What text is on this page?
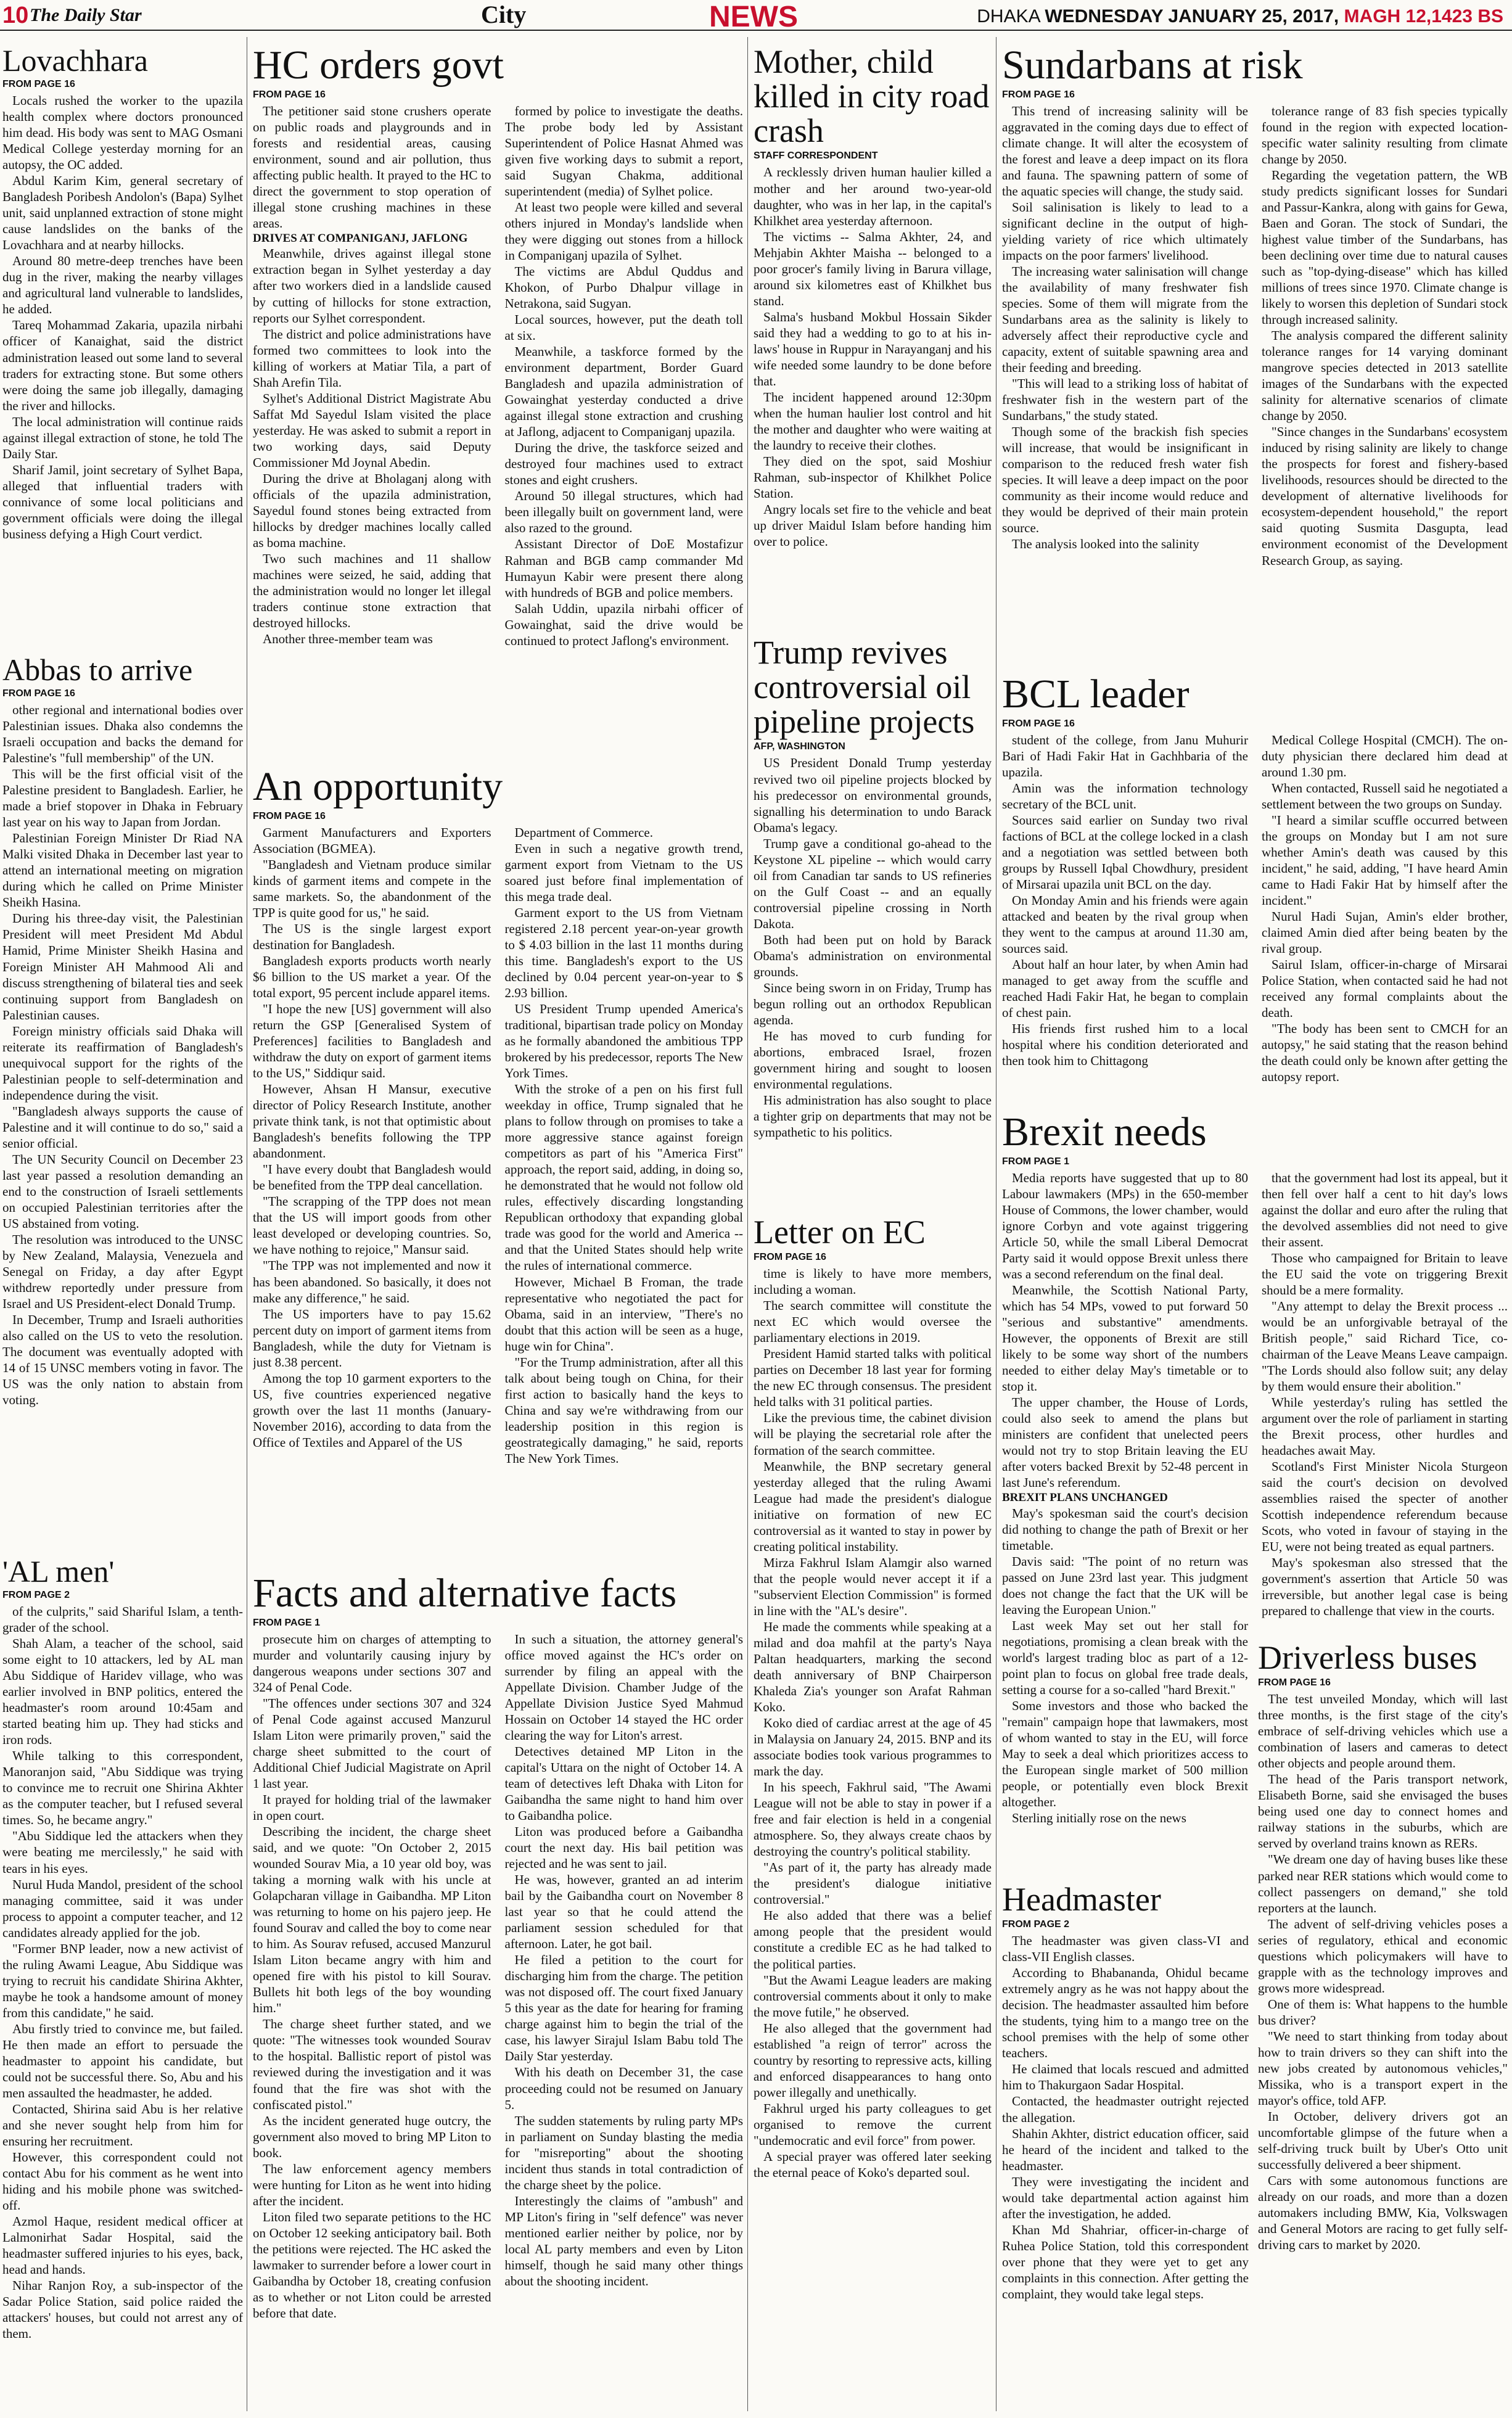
10 The Daily Star	City	NEWS	DHAKA WEDNESDAY JANUARY 25, 2017, MAGH 12,1423 BS
Lovachhara
FROM PAGE 16

Locals rushed the worker to the upazila health complex where doctors pronounced him dead. His body was sent to MAG Osmani Medical College yesterday morning for an autopsy, the OC added.

Abdul Karim Kim, general secretary of Bangladesh Poribesh Andolon's (Bapa) Sylhet unit, said unplanned extraction of stone might cause landslides on the banks of the Lovachhara and at nearby hillocks.

Around 80 metre-deep trenches have been dug in the river, making the nearby villages and agricultural land vulnerable to landslides, he added.

Tareq Mohammad Zakaria, upazila nirbahi officer of Kanaighat, said the district administration leased out some land to several traders for extracting stone. But some others were doing the same job illegally, damaging the river and hillocks.

The local administration will continue raids against illegal extraction of stone, he told The Daily Star.

Sharif Jamil, joint secretary of Sylhet Bapa, alleged that influential traders with connivance of some local politicians and government officials were doing the illegal business defying a High Court verdict.

Abbas to arrive
FROM PAGE 16

other regional and international bodies over Palestinian issues. Dhaka also condemns the Israeli occupation and backs the demand for Palestine's "full membership" of the UN.

This will be the first official visit of the Palestine president to Bangladesh. Earlier, he made a brief stopover in Dhaka in February last year on his way to Japan from Jordan.

Palestinian Foreign Minister Dr Riad NA Malki visited Dhaka in December last year to attend an international meeting on migration during which he called on Prime Minister Sheikh Hasina.

During his three-day visit, the Palestinian President will meet President Md Abdul Hamid, Prime Minister Sheikh Hasina and Foreign Minister AH Mahmood Ali and discuss strengthening of bilateral ties and seek continuing support from Bangladesh on Palestinian causes.

Foreign ministry officials said Dhaka will reiterate its reaffirmation of Bangladesh's unequivocal support for the rights of the Palestinian people to self-determination and independence during the visit.

"Bangladesh always supports the cause of Palestine and it will continue to do so," said a senior official.

The UN Security Council on December 23 last year passed a resolution demanding an end to the construction of Israeli settlements on occupied Palestinian territories after the US abstained from voting.

The resolution was introduced to the UNSC by New Zealand, Malaysia, Venezuela and Senegal on Friday, a day after Egypt withdrew reportedly under pressure from Israel and US President-elect Donald Trump.

In December, Trump and Israeli authorities also called on the US to veto the resolution. The document was eventually adopted with 14 of 15 UNSC members voting in favor. The US was the only nation to abstain from voting.

'AL men'
FROM PAGE 2

of the culprits," said Shariful Islam, a tenth-grader of the school.

Shah Alam, a teacher of the school, said some eight to 10 attackers, led by AL man Abu Siddique of Haridev village, who was earlier involved in BNP politics, entered the headmaster's room around 10:45am and started beating him up. They had sticks and iron rods.

While talking to this correspondent, Manoranjon said, "Abu Siddique was trying to convince me to recruit one Shirina Akhter as the computer teacher, but I refused several times. So, he became angry."

"Abu Siddique led the attackers when they were beating me mercilessly," he said with tears in his eyes.

Nurul Huda Mandol, president of the school managing committee, said it was under process to appoint a computer teacher, and 12 candidates already applied for the job.

"Former BNP leader, now a new activist of the ruling Awami League, Abu Siddique was trying to recruit his candidate Shirina Akhter, maybe he took a handsome amount of money from this candidate," he said.

Abu firstly tried to convince me, but failed. He then made an effort to persuade the headmaster to appoint his candidate, but could not be successful there. So, Abu and his men assaulted the headmaster, he added.

Contacted, Shirina said Abu is her relative and she never sought help from him for ensuring her recruitment.

However, this correspondent could not contact Abu for his comment as he went into hiding and his mobile phone was switched-off.

Azmol Haque, resident medical officer at Lalmonirhat Sadar Hospital, said the headmaster suffered injuries to his eyes, back, head and hands.

Nihar Ranjon Roy, a sub-inspector of the Sadar Police Station, said police raided the attackers' houses, but could not arrest any of them.

HC orders govt
FROM PAGE 16

The petitioner said stone crushers operate on public roads and playgrounds and in forests and residential areas, causing environment, sound and air pollution, thus affecting public health. It prayed to the HC to direct the government to stop operation of illegal stone crushing machines in these areas.

DRIVES AT COMPANIGANJ, JAFLONG

Meanwhile, drives against illegal stone extraction began in Sylhet yesterday a day after two workers died in a landslide caused by cutting of hillocks for stone extraction, reports our Sylhet correspondent.

The district and police administrations have formed two committees to look into the killing of workers at Matiar Tila, a part of Shah Arefin Tila.

Sylhet's Additional District Magistrate Abu Saffat Md Sayedul Islam visited the place yesterday. He was asked to submit a report in two working days, said Deputy Commissioner Md Joynal Abedin.

During the drive at Bholaganj along with officials of the upazila administration, Sayedul found stones being extracted from hillocks by dredger machines locally called as boma machine.

Two such machines and 11 shallow machines were seized, he said, adding that the administration would no longer let illegal traders continue stone extraction that destroyed hillocks.

Another three-member team was

formed by police to investigate the deaths. The probe body led by Assistant Superintendent of Police Hasnat Ahmed was given five working days to submit a report, said Sugyan Chakma, additional superintendent (media) of Sylhet police.

At least two people were killed and several others injured in Monday's landslide when they were digging out stones from a hillock in Companiganj upazila of Sylhet.

The victims are Abdul Quddus and Khokon, of Purbo Dhalpur village in Netrakona, said Sugyan.

Local sources, however, put the death toll at six.

Meanwhile, a taskforce formed by the environment department, Border Guard Bangladesh and upazila administration of Gowainghat yesterday conducted a drive against illegal stone extraction and crushing at Jaflong, adjacent to Companiganj upazila.

During the drive, the taskforce seized and destroyed four machines used to extract stones and eight crushers.

Around 50 illegal structures, which had been illegally built on government land, were also razed to the ground.

Assistant Director of DoE Mostafizur Rahman and BGB camp commander Md Humayun Kabir were present there along with hundreds of BGB and police members.

Salah Uddin, upazila nirbahi officer of Gowainghat, said the drive would be continued to protect Jaflong's environment.

An opportunity
FROM PAGE 16

Garment Manufacturers and Exporters Association (BGMEA).

"Bangladesh and Vietnam produce similar kinds of garment items and compete in the same markets. So, the abandonment of the TPP is quite good for us," he said.

The US is the single largest export destination for Bangladesh.

Bangladesh exports products worth nearly $6 billion to the US market a year. Of the total export, 95 percent include apparel items.

"I hope the new [US] government will also return the GSP [Generalised System of Preferences] facilities to Bangladesh and withdraw the duty on export of garment items to the US," Siddiqur said.

However, Ahsan H Mansur, executive director of Policy Research Institute, another private think tank, is not that optimistic about Bangladesh's benefits following the TPP abandonment.

"I have every doubt that Bangladesh would be benefited from the TPP deal cancellation.

"The scrapping of the TPP does not mean that the US will import goods from other least developed or developing countries. So, we have nothing to rejoice," Mansur said.

"The TPP was not implemented and now it has been abandoned. So basically, it does not make any difference," he said.

The US importers have to pay 15.62 percent duty on import of garment items from Bangladesh, while the duty for Vietnam is just 8.38 percent.

Among the top 10 garment exporters to the US, five countries experienced negative growth over the last 11 months (January-November 2016), according to data from the Office of Textiles and Apparel of the US

Department of Commerce.

Even in such a negative growth trend, garment export from Vietnam to the US soared just before final implementation of this mega trade deal.

Garment export to the US from Vietnam registered 2.18 percent year-on-year growth to $ 4.03 billion in the last 11 months during this time. Bangladesh's export to the US declined by 0.04 percent year-on-year to $ 2.93 billion.

US President Trump upended America's traditional, bipartisan trade policy on Monday as he formally abandoned the ambitious TPP brokered by his predecessor, reports The New York Times.

With the stroke of a pen on his first full weekday in office, Trump signaled that he plans to follow through on promises to take a more aggressive stance against foreign competitors as part of his "America First" approach, the report said, adding, in doing so, he demonstrated that he would not follow old rules, effectively discarding longstanding Republican orthodoxy that expanding global trade was good for the world and America -- and that the United States should help write the rules of international commerce.

However, Michael B Froman, the trade representative who negotiated the pact for Obama, said in an interview, "There's no doubt that this action will be seen as a huge, huge win for China".

"For the Trump administration, after all this talk about being tough on China, for their first action to basically hand the keys to China and say we're withdrawing from our leadership position in this region is geostrategically damaging," he said, reports The New York Times.

Facts and alternative facts
FROM PAGE 1

prosecute him on charges of attempting to murder and voluntarily causing injury by dangerous weapons under sections 307 and 324 of Penal Code.

"The offences under sections 307 and 324 of Penal Code against accused Manzurul Islam Liton were primarily proven," said the charge sheet submitted to the court of Additional Chief Judicial Magistrate on April 1 last year.

It prayed for holding trial of the lawmaker in open court.

Describing the incident, the charge sheet said, and we quote: "On October 2, 2015 wounded Sourav Mia, a 10 year old boy, was taking a morning walk with his uncle at Golapcharan village in Gaibandha. MP Liton was returning to home on his pajero jeep. He found Sourav and called the boy to come near to him. As Sourav refused, accused Manzurul Islam Liton became angry with him and opened fire with his pistol to kill Sourav. Bullets hit both legs of the boy wounding him."

The charge sheet further stated, and we quote: "The witnesses took wounded Sourav to the hospital. Ballistic report of pistol was reviewed during the investigation and it was found that the fire was shot with the confiscated pistol."

As the incident generated huge outcry, the government also moved to bring MP Liton to book.

The law enforcement agency members were hunting for Liton as he went into hiding after the incident.

Liton filed two separate petitions to the HC on October 12 seeking anticipatory bail. Both the petitions were rejected. The HC asked the lawmaker to surrender before a lower court in Gaibandha by October 18, creating confusion as to whether or not Liton could be arrested before that date.

In such a situation, the attorney general's office moved against the HC's order on surrender by filing an appeal with the Appellate Division. Chamber Judge of the Appellate Division Justice Syed Mahmud Hossain on October 14 stayed the HC order clearing the way for Liton's arrest.

Detectives detained MP Liton in the capital's Uttara on the night of October 14. A team of detectives left Dhaka with Liton for Gaibandha the same night to hand him over to Gaibandha police.

Liton was produced before a Gaibandha court the next day. His bail petition was rejected and he was sent to jail.

He was, however, granted an ad interim bail by the Gaibandha court on November 8 last year so that he could attend the parliament session scheduled for that afternoon. Later, he got bail.

He filed a petition to the court for discharging him from the charge. The petition was not disposed off. The court fixed January 5 this year as the date for hearing for framing charge against him to begin the trial of the case, his lawyer Sirajul Islam Babu told The Daily Star yesterday.

With his death on December 31, the case proceeding could not be resumed on January 5.

The sudden statements by ruling party MPs in parliament on Sunday blasting the media for "misreporting" about the shooting incident thus stands in total contradiction of the charge sheet by the police.

Interestingly the claims of "ambush" and MP Liton's firing in "self defence" was never mentioned earlier neither by police, nor by local AL party members and even by Liton himself, though he said many other things about the shooting incident.

Mother, child killed in city road crash
STAFF CORRESPONDENT

A recklessly driven human haulier killed a mother and her around two-year-old daughter, who was in her lap, in the capital's Khilkhet area yesterday afternoon.

The victims -- Salma Akhter, 24, and Mehjabin Akhter Maisha -- belonged to a poor grocer's family living in Barura village, around six kilometres east of Khilkhet bus stand.

Salma's husband Mokbul Hossain Sikder said they had a wedding to go to at his in-laws' house in Ruppur in Narayanganj and his wife needed some laundry to be done before that.

The incident happened around 12:30pm when the human haulier lost control and hit the mother and daughter who were waiting at the laundry to receive their clothes.

They died on the spot, said Moshiur Rahman, sub-inspector of Khilkhet Police Station.

Angry locals set fire to the vehicle and beat up driver Maidul Islam before handing him over to police.

Trump revives controversial oil pipeline projects
AFP, WASHINGTON

US President Donald Trump yesterday revived two oil pipeline projects blocked by his predecessor on environmental grounds, signalling his determination to undo Barack Obama's legacy.

Trump gave a conditional go-ahead to the Keystone XL pipeline -- which would carry oil from Canadian tar sands to US refineries on the Gulf Coast -- and an equally controversial pipeline crossing in North Dakota.

Both had been put on hold by Barack Obama's administration on environmental grounds.

Since being sworn in on Friday, Trump has begun rolling out an orthodox Republican agenda.

He has moved to curb funding for abortions, embraced Israel, frozen government hiring and sought to loosen environmental regulations.

His administration has also sought to place a tighter grip on departments that may not be sympathetic to his politics.

Letter on EC
FROM PAGE 16

time is likely to have more members, including a woman.

The search committee will constitute the next EC which would oversee the parliamentary elections in 2019.

President Hamid started talks with political parties on December 18 last year for forming the new EC through consensus. The president held talks with 31 political parties.

Like the previous time, the cabinet division will be playing the secretarial role after the formation of the search committee.

Meanwhile, the BNP secretary general yesterday alleged that the ruling Awami League had made the president's dialogue initiative on formation of new EC controversial as it wanted to stay in power by creating political instability.

Mirza Fakhrul Islam Alamgir also warned that the people would never accept it if a "subservient Election Commission" is formed in line with the "AL's desire".

He made the comments while speaking at a milad and doa mahfil at the party's Naya Paltan headquarters, marking the second death anniversary of BNP Chairperson Khaleda Zia's younger son Arafat Rahman Koko.

Koko died of cardiac arrest at the age of 45 in Malaysia on January 24, 2015. BNP and its associate bodies took various programmes to mark the day.

In his speech, Fakhrul said, "The Awami League will not be able to stay in power if a free and fair election is held in a congenial atmosphere. So, they always create chaos by destroying the country's political stability.

"As part of it, the party has already made the president's dialogue initiative controversial."

He also added that there was a belief among people that the president would constitute a credible EC as he had talked to the political parties.

"But the Awami League leaders are making controversial comments about it only to make the move futile," he observed.

He also alleged that the government had established "a reign of terror" across the country by resorting to repressive acts, killing and enforced disappearances to hang onto power illegally and unethically.

Fakhrul urged his party colleagues to get organised to remove the current "undemocratic and evil force" from power.

A special prayer was offered later seeking the eternal peace of Koko's departed soul.

Sundarbans at risk
FROM PAGE 16

This trend of increasing salinity will be aggravated in the coming days due to effect of climate change. It will alter the ecosystem of the forest and leave a deep impact on its flora and fauna. The spawning pattern of some of the aquatic species will change, the study said.

Soil salinisation is likely to lead to a significant decline in the output of high-yielding variety of rice which ultimately impacts on the poor farmers' livelihood.

The increasing water salinisation will change the availability of many freshwater fish species. Some of them will migrate from the Sundarbans area as the salinity is likely to adversely affect their reproductive cycle and capacity, extent of suitable spawning area and their feeding and breeding.

"This will lead to a striking loss of habitat of freshwater fish in the western part of the Sundarbans," the study stated.

Though some of the brackish fish species will increase, that would be insignificant in comparison to the reduced fresh water fish species. It will leave a deep impact on the poor community as their income would reduce and they would be deprived of their main protein source.

The analysis looked into the salinity

tolerance range of 83 fish species typically found in the region with expected location-specific water salinity resulting from climate change by 2050.

Regarding the vegetation pattern, the WB study predicts significant losses for Sundari and Passur-Kankra, along with gains for Gewa, Baen and Goran. The stock of Sundari, the highest value timber of the Sundarbans, has been declining over time due to natural causes such as "top-dying-disease" which has killed millions of trees since 1970. Climate change is likely to worsen this depletion of Sundari stock through increased salinity.

The analysis compared the different salinity tolerance ranges for 14 varying dominant mangrove species detected in 2013 satellite images of the Sundarbans with the expected salinity for alternative scenarios of climate change by 2050.

"Since changes in the Sundarbans' ecosystem induced by rising salinity are likely to change the prospects for forest and fishery-based livelihoods, resources should be directed to the development of alternative livelihoods for ecosystem-dependent household," the report said quoting Susmita Dasgupta, lead environment economist of the Development Research Group, as saying.

BCL leader
FROM PAGE 16

student of the college, from Janu Muhurir Bari of Hadi Fakir Hat in Gachhbaria of the upazila.

Amin was the information technology secretary of the BCL unit.

Sources said earlier on Sunday two rival factions of BCL at the college locked in a clash and a negotiation was settled between both groups by Russell Iqbal Chowdhury, president of Mirsarai upazila unit BCL on the day.

On Monday Amin and his friends were again attacked and beaten by the rival group when they went to the campus at around 11.30 am, sources said.

About half an hour later, by when Amin had managed to get away from the scuffle and reached Hadi Fakir Hat, he began to complain of chest pain.

His friends first rushed him to a local hospital where his condition deteriorated and then took him to Chittagong

Medical College Hospital (CMCH). The on-duty physician there declared him dead at around 1.30 pm.

When contacted, Russell said he negotiated a settlement between the two groups on Sunday.

"I heard a similar scuffle occurred between the groups on Monday but I am not sure whether Amin's death was caused by this incident," he said, adding, "I have heard Amin came to Hadi Fakir Hat by himself after the incident."

Nurul Hadi Sujan, Amin's elder brother, claimed Amin died after being beaten by the rival group.

Sairul Islam, officer-in-charge of Mirsarai Police Station, when contacted said he had not received any formal complaints about the death.

"The body has been sent to CMCH for an autopsy," he said stating that the reason behind the death could only be known after getting the autopsy report.

Brexit needs
FROM PAGE 1

Media reports have suggested that up to 80 Labour lawmakers (MPs) in the 650-member House of Commons, the lower chamber, would ignore Corbyn and vote against triggering Article 50, while the small Liberal Democrat Party said it would oppose Brexit unless there was a second referendum on the final deal.

Meanwhile, the Scottish National Party, which has 54 MPs, vowed to put forward 50 "serious and substantive" amendments. However, the opponents of Brexit are still likely to be some way short of the numbers needed to either delay May's timetable or to stop it.

The upper chamber, the House of Lords, could also seek to amend the plans but ministers are confident that unelected peers would not try to stop Britain leaving the EU after voters backed Brexit by 52-48 percent in last June's referendum.

BREXIT PLANS UNCHANGED

May's spokesman said the court's decision did nothing to change the path of Brexit or her timetable.

Davis said: "The point of no return was passed on June 23rd last year. This judgment does not change the fact that the UK will be leaving the European Union."

Last week May set out her stall for negotiations, promising a clean break with the world's largest trading bloc as part of a 12-point plan to focus on global free trade deals, setting a course for a so-called "hard Brexit."

Some investors and those who backed the "remain" campaign hope that lawmakers, most of whom wanted to stay in the EU, will force May to seek a deal which prioritizes access to the European single market of 500 million people, or potentially even block Brexit altogether.

Sterling initially rose on the news

that the government had lost its appeal, but it then fell over half a cent to hit day's lows against the dollar and euro after the ruling that the devolved assemblies did not need to give their assent.

Those who campaigned for Britain to leave the EU said the vote on triggering Brexit should be a mere formality.

"Any attempt to delay the Brexit process ... would be an unforgivable betrayal of the British people," said Richard Tice, co-chairman of the Leave Means Leave campaign. "The Lords should also follow suit; any delay by them would ensure their abolition."

While yesterday's ruling has settled the argument over the role of parliament in starting the Brexit process, other hurdles and headaches await May.

Scotland's First Minister Nicola Sturgeon said the court's decision on devolved assemblies raised the specter of another Scottish independence referendum because Scots, who voted in favour of staying in the EU, were not being treated as equal partners.

May's spokesman also stressed that the government's assertion that Article 50 was irreversible, but another legal case is being prepared to challenge that view in the courts.

Headmaster
FROM PAGE 2

The headmaster was given class-VI and class-VII English classes.

According to Bhabananda, Ohidul became extremely angry as he was not happy about the decision. The headmaster assaulted him before the students, tying him to a mango tree on the school premises with the help of some other teachers.

He claimed that locals rescued and admitted him to Thakurgaon Sadar Hospital.

Contacted, the headmaster outright rejected the allegation.

Shahin Akhter, district education officer, said he heard of the incident and talked to the headmaster.

They were investigating the incident and would take departmental action against him after the investigation, he added.

Khan Md Shahriar, officer-in-charge of Ruhea Police Station, told this correspondent over phone that they were yet to get any complaints in this connection. After getting the complaint, they would take legal steps.

Driverless buses
FROM PAGE 16

The test unveiled Monday, which will last three months, is the first stage of the city's embrace of self-driving vehicles which use a combination of lasers and cameras to detect other objects and people around them.

The head of the Paris transport network, Elisabeth Borne, said she envisaged the buses being used one day to connect homes and railway stations in the suburbs, which are served by overland trains known as RERs.

"We dream one day of having buses like these parked near RER stations which would come to collect passengers on demand," she told reporters at the launch.

The advent of self-driving vehicles poses a series of regulatory, ethical and economic questions which policymakers will have to grapple with as the technology improves and grows more widespread.

One of them is: What happens to the humble bus driver?

"We need to start thinking from today about how to train drivers so they can shift into the new jobs created by autonomous vehicles," Missika, who is a transport expert in the mayor's office, told AFP.

In October, delivery drivers got an uncomfortable glimpse of the future when a self-driving truck built by Uber's Otto unit successfully delivered a beer shipment.

Cars with some autonomous functions are already on our roads, and more than a dozen automakers including BMW, Kia, Volkswagen and General Motors are racing to get fully self-driving cars to market by 2020.
